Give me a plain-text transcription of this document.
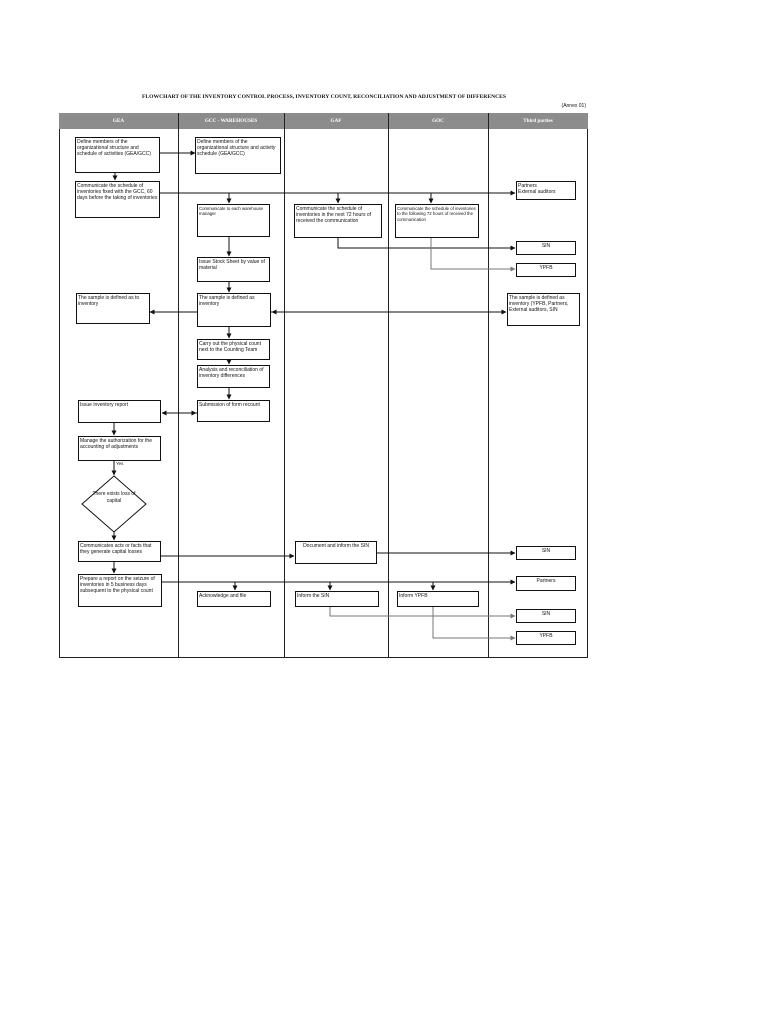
FLOWCHART OF THE INVENTORY CONTROL PROCESS, INVENTORY COUNT, RECONCILIATION AND ADJUSTMENT OF DIFFERENCES
(Annex 01)
GEA	GCC - WAREHOUSES	GAF	GOC	Third parties
Define members of the organizational structure and schedule of activities (GEA/GCC)
Communicate the schedule of inventories fixed with the GCC, 60 days before the taking of inventories
The sample is defined as to inventory
Issue inventory report
Manage the authorization for the accounting of adjustments
Yes
There exists loss of capital
Communicates acts or facts that they generate capital losses
Prepare a report on the seizure of inventories in 5 business days subsequent to the physical count
Define members of the organizational structure and activity schedule (GEA/GCC)
Communicate to each warehouse manager
Issue Stock Sheet by value of material
The sample is defined as inventory
Carry out the physical count next to the Counting Team
Analysis and reconciliation of inventory differences
Submission of form recount
Acknowledge and file
Communicate the schedule of inventories in the next 72 hours of received the communication
Document and inform the SIN
Inform the SIN
Communicate the schedule of inventories to the following 72 hours of received the communication
Inform YPFB
Partners
External auditors
SIN
YPFB
The sample is defined as inventory (YPFB, Partners, External auditors, SIN
SIN
Partners
SIN
YPFB
